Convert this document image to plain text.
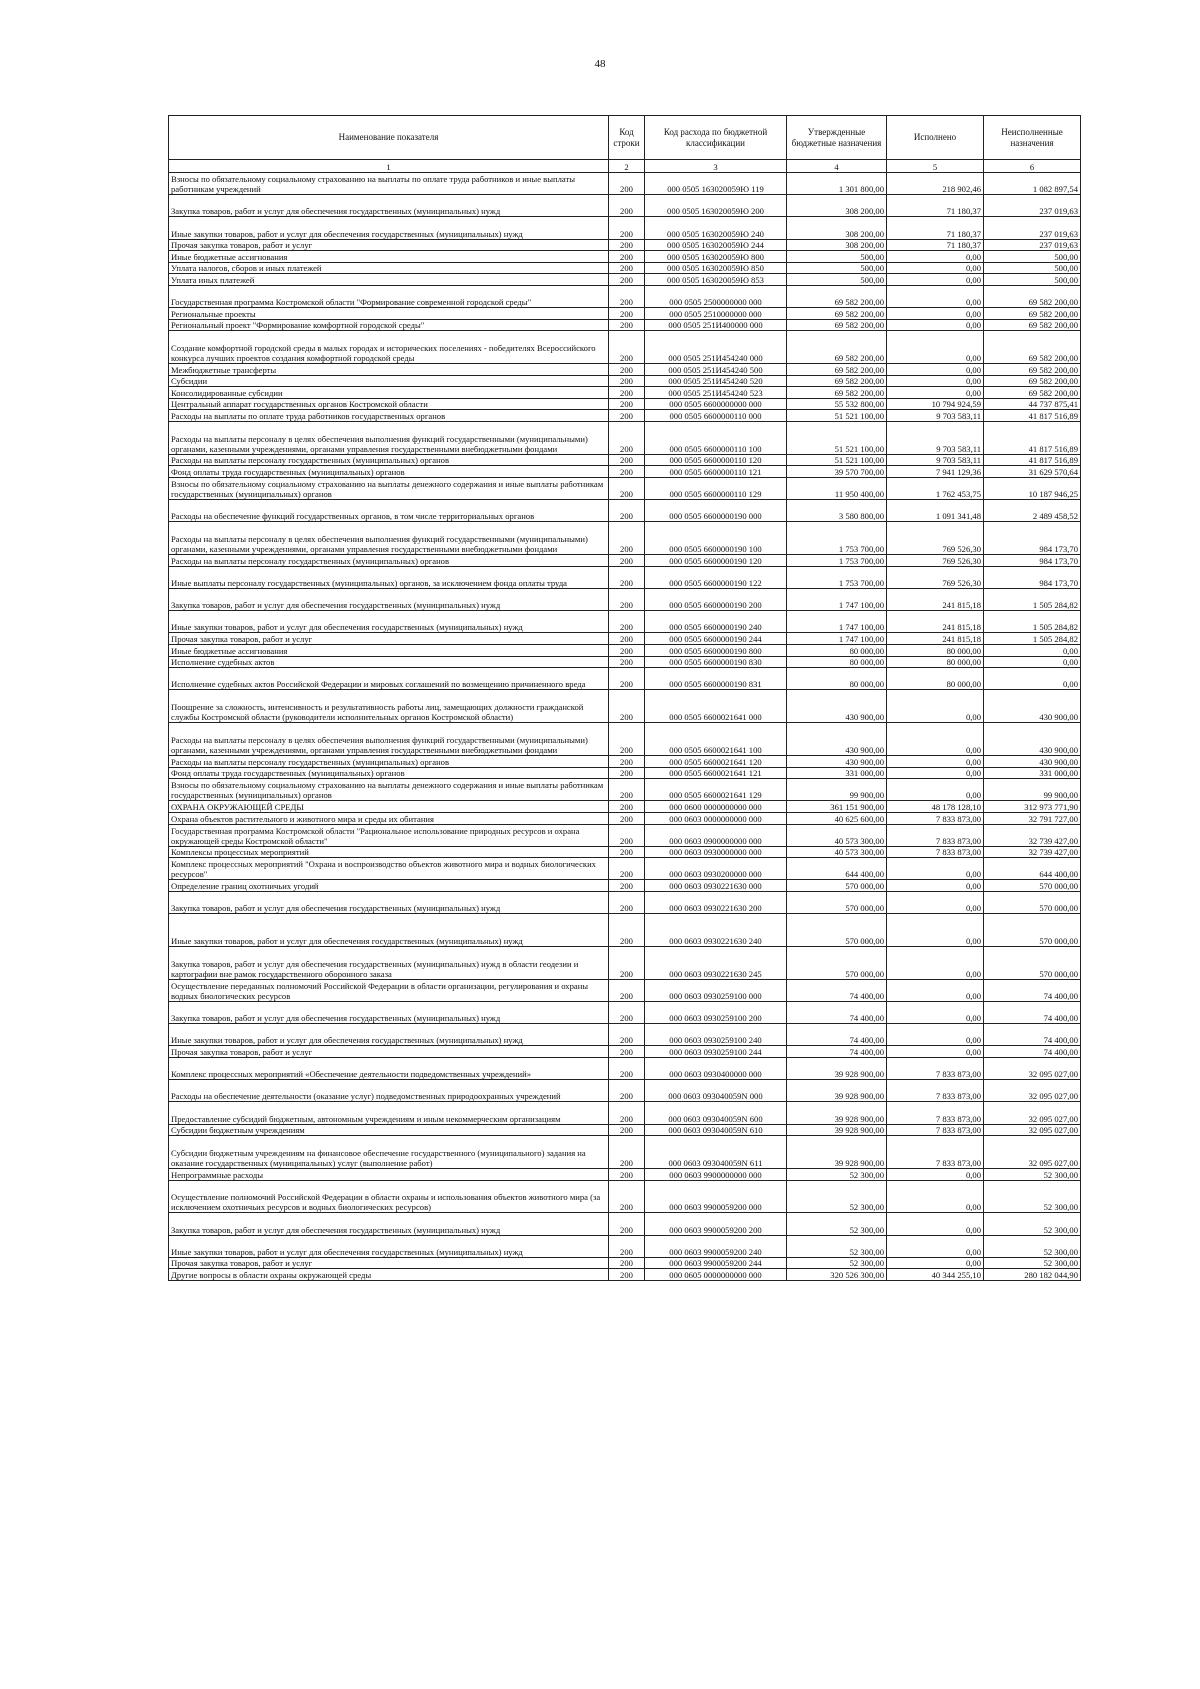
48
Наименование показателя	Код строки	Код расхода по бюджетной классификации	Утвержденные бюджетные назначения	Исполнено	Неисполненные назначения
1	2	3	4	5	6
Взносы по обязательному социальному страхованию на выплаты по оплате труда работников и иные выплаты работникам учреждений	200	000 0505 163020059Ю 119	1 301 800,00	218 902,46	1 082 897,54
Закупка товаров, работ и услуг для обеспечения государственных (муниципальных) нужд	200	000 0505 163020059Ю 200	308 200,00	71 180,37	237 019,63
Иные закупки товаров, работ и услуг для обеспечения государственных (муниципальных) нужд	200	000 0505 163020059Ю 240	308 200,00	71 180,37	237 019,63
Прочая закупка товаров, работ и услуг	200	000 0505 163020059Ю 244	308 200,00	71 180,37	237 019,63
Иные бюджетные ассигнования	200	000 0505 163020059Ю 800	500,00	0,00	500,00
Уплата налогов, сборов и иных платежей	200	000 0505 163020059Ю 850	500,00	0,00	500,00
Уплата иных платежей	200	000 0505 163020059Ю 853	500,00	0,00	500,00
Государственная программа Костромской области "Формирование современной городской среды"	200	000 0505 2500000000 000	69 582 200,00	0,00	69 582 200,00
Региональные проекты	200	000 0505 2510000000 000	69 582 200,00	0,00	69 582 200,00
Региональный проект "Формирование комфортной городской среды"	200	000 0505 251И400000 000	69 582 200,00	0,00	69 582 200,00
Создание комфортной городской среды в малых городах и исторических поселениях - победителях Всероссийского конкурса лучших проектов создания комфортной городской среды	200	000 0505 251И454240 000	69 582 200,00	0,00	69 582 200,00
Межбюджетные трансферты	200	000 0505 251И454240 500	69 582 200,00	0,00	69 582 200,00
Субсидии	200	000 0505 251И454240 520	69 582 200,00	0,00	69 582 200,00
Консолидированные субсидии	200	000 0505 251И454240 523	69 582 200,00	0,00	69 582 200,00
Центральный аппарат государственных органов Костромской области	200	000 0505 6600000000 000	55 532 800,00	10 794 924,59	44 737 875,41
Расходы на выплаты по оплате труда работников государственных органов	200	000 0505 6600000110 000	51 521 100,00	9 703 583,11	41 817 516,89
Расходы на выплаты персоналу в целях обеспечения выполнения функций государственными (муниципальными) органами, казенными учреждениями, органами управления государственными внебюджетными фондами	200	000 0505 6600000110 100	51 521 100,00	9 703 583,11	41 817 516,89
Расходы на выплаты персоналу государственных (муниципальных) органов	200	000 0505 6600000110 120	51 521 100,00	9 703 583,11	41 817 516,89
Фонд оплаты труда государственных (муниципальных) органов	200	000 0505 6600000110 121	39 570 700,00	7 941 129,36	31 629 570,64
Взносы по обязательному социальному страхованию на выплаты денежного содержания и иные выплаты работникам государственных (муниципальных) органов	200	000 0505 6600000110 129	11 950 400,00	1 762 453,75	10 187 946,25
Расходы на обеспечение функций государственных органов, в том числе территориальных органов	200	000 0505 6600000190 000	3 580 800,00	1 091 341,48	2 489 458,52
Расходы на выплаты персоналу в целях обеспечения выполнения функций государственными (муниципальными) органами, казенными учреждениями, органами управления государственными внебюджетными фондами	200	000 0505 6600000190 100	1 753 700,00	769 526,30	984 173,70
Расходы на выплаты персоналу государственных (муниципальных) органов	200	000 0505 6600000190 120	1 753 700,00	769 526,30	984 173,70
Иные выплаты персоналу государственных (муниципальных) органов, за исключением фонда оплаты труда	200	000 0505 6600000190 122	1 753 700,00	769 526,30	984 173,70
Закупка товаров, работ и услуг для обеспечения государственных (муниципальных) нужд	200	000 0505 6600000190 200	1 747 100,00	241 815,18	1 505 284,82
Иные закупки товаров, работ и услуг для обеспечения государственных (муниципальных) нужд	200	000 0505 6600000190 240	1 747 100,00	241 815,18	1 505 284,82
Прочая закупка товаров, работ и услуг	200	000 0505 6600000190 244	1 747 100,00	241 815,18	1 505 284,82
Иные бюджетные ассигнования	200	000 0505 6600000190 800	80 000,00	80 000,00	0,00
Исполнение судебных актов	200	000 0505 6600000190 830	80 000,00	80 000,00	0,00
Исполнение судебных актов Российской Федерации и мировых соглашений по возмещению причиненного вреда	200	000 0505 6600000190 831	80 000,00	80 000,00	0,00
Поощрение за сложность, интенсивность и результативность работы лиц, замещающих должности гражданской службы Костромской области (руководители исполнительных органов Костромской области)	200	000 0505 6600021641 000	430 900,00	0,00	430 900,00
Расходы на выплаты персоналу в целях обеспечения выполнения функций государственными (муниципальными) органами, казенными учреждениями, органами управления государственными внебюджетными фондами	200	000 0505 6600021641 100	430 900,00	0,00	430 900,00
Расходы на выплаты персоналу государственных (муниципальных) органов	200	000 0505 6600021641 120	430 900,00	0,00	430 900,00
Фонд оплаты труда государственных (муниципальных) органов	200	000 0505 6600021641 121	331 000,00	0,00	331 000,00
Взносы по обязательному социальному страхованию на выплаты денежного содержания и иные выплаты работникам государственных (муниципальных) органов	200	000 0505 6600021641 129	99 900,00	0,00	99 900,00
ОХРАНА ОКРУЖАЮЩЕЙ СРЕДЫ	200	000 0600 0000000000 000	361 151 900,00	48 178 128,10	312 973 771,90
Охрана объектов растительного и животного мира и среды их обитания	200	000 0603 0000000000 000	40 625 600,00	7 833 873,00	32 791 727,00
Государственная программа Костромской области "Рациональное использование природных ресурсов и охрана окружающей среды Костромской области"	200	000 0603 0900000000 000	40 573 300,00	7 833 873,00	32 739 427,00
Комплексы процессных мероприятий	200	000 0603 0930000000 000	40 573 300,00	7 833 873,00	32 739 427,00
Комплекс процессных мероприятий "Охрана и воспроизводство объектов животного мира и водных биологических ресурсов"	200	000 0603 0930200000 000	644 400,00	0,00	644 400,00
Определение границ охотничьих угодий	200	000 0603 0930221630 000	570 000,00	0,00	570 000,00
Закупка товаров, работ и услуг для обеспечения государственных (муниципальных) нужд	200	000 0603 0930221630 200	570 000,00	0,00	570 000,00
Иные закупки товаров, работ и услуг для обеспечения государственных (муниципальных) нужд	200	000 0603 0930221630 240	570 000,00	0,00	570 000,00
Закупка товаров, работ и услуг для обеспечения государственных (муниципальных) нужд в области геодезии и картографии вне рамок государственного оборонного заказа	200	000 0603 0930221630 245	570 000,00	0,00	570 000,00
Осуществление переданных полномочий Российской Федерации в области организации, регулирования и охраны водных биологических ресурсов	200	000 0603 0930259100 000	74 400,00	0,00	74 400,00
Закупка товаров, работ и услуг для обеспечения государственных (муниципальных) нужд	200	000 0603 0930259100 200	74 400,00	0,00	74 400,00
Иные закупки товаров, работ и услуг для обеспечения государственных (муниципальных) нужд	200	000 0603 0930259100 240	74 400,00	0,00	74 400,00
Прочая закупка товаров, работ и услуг	200	000 0603 0930259100 244	74 400,00	0,00	74 400,00
Комплекс процессных мероприятий «Обеспечение деятельности подведомственных учреждений»	200	000 0603 0930400000 000	39 928 900,00	7 833 873,00	32 095 027,00
Расходы на обеспечение деятельности (оказание услуг) подведомственных природоохранных учреждений	200	000 0603 093040059N 000	39 928 900,00	7 833 873,00	32 095 027,00
Предоставление субсидий бюджетным, автономным учреждениям и иным некоммерческим организациям	200	000 0603 093040059N 600	39 928 900,00	7 833 873,00	32 095 027,00
Субсидии бюджетным учреждениям	200	000 0603 093040059N 610	39 928 900,00	7 833 873,00	32 095 027,00
Субсидии бюджетным учреждениям на финансовое обеспечение государственного (муниципального) задания на оказание государственных (муниципальных) услуг (выполнение работ)	200	000 0603 093040059N 611	39 928 900,00	7 833 873,00	32 095 027,00
Непрограммные расходы	200	000 0603 9900000000 000	52 300,00	0,00	52 300,00
Осуществление полномочий Российской Федерации в области охраны и использования объектов животного мира (за исключением охотничьих ресурсов и водных биологических ресурсов)	200	000 0603 9900059200 000	52 300,00	0,00	52 300,00
Закупка товаров, работ и услуг для обеспечения государственных (муниципальных) нужд	200	000 0603 9900059200 200	52 300,00	0,00	52 300,00
Иные закупки товаров, работ и услуг для обеспечения государственных (муниципальных) нужд	200	000 0603 9900059200 240	52 300,00	0,00	52 300,00
Прочая закупка товаров, работ и услуг	200	000 0603 9900059200 244	52 300,00	0,00	52 300,00
Другие вопросы в области охраны окружающей среды	200	000 0605 0000000000 000	320 526 300,00	40 344 255,10	280 182 044,90
